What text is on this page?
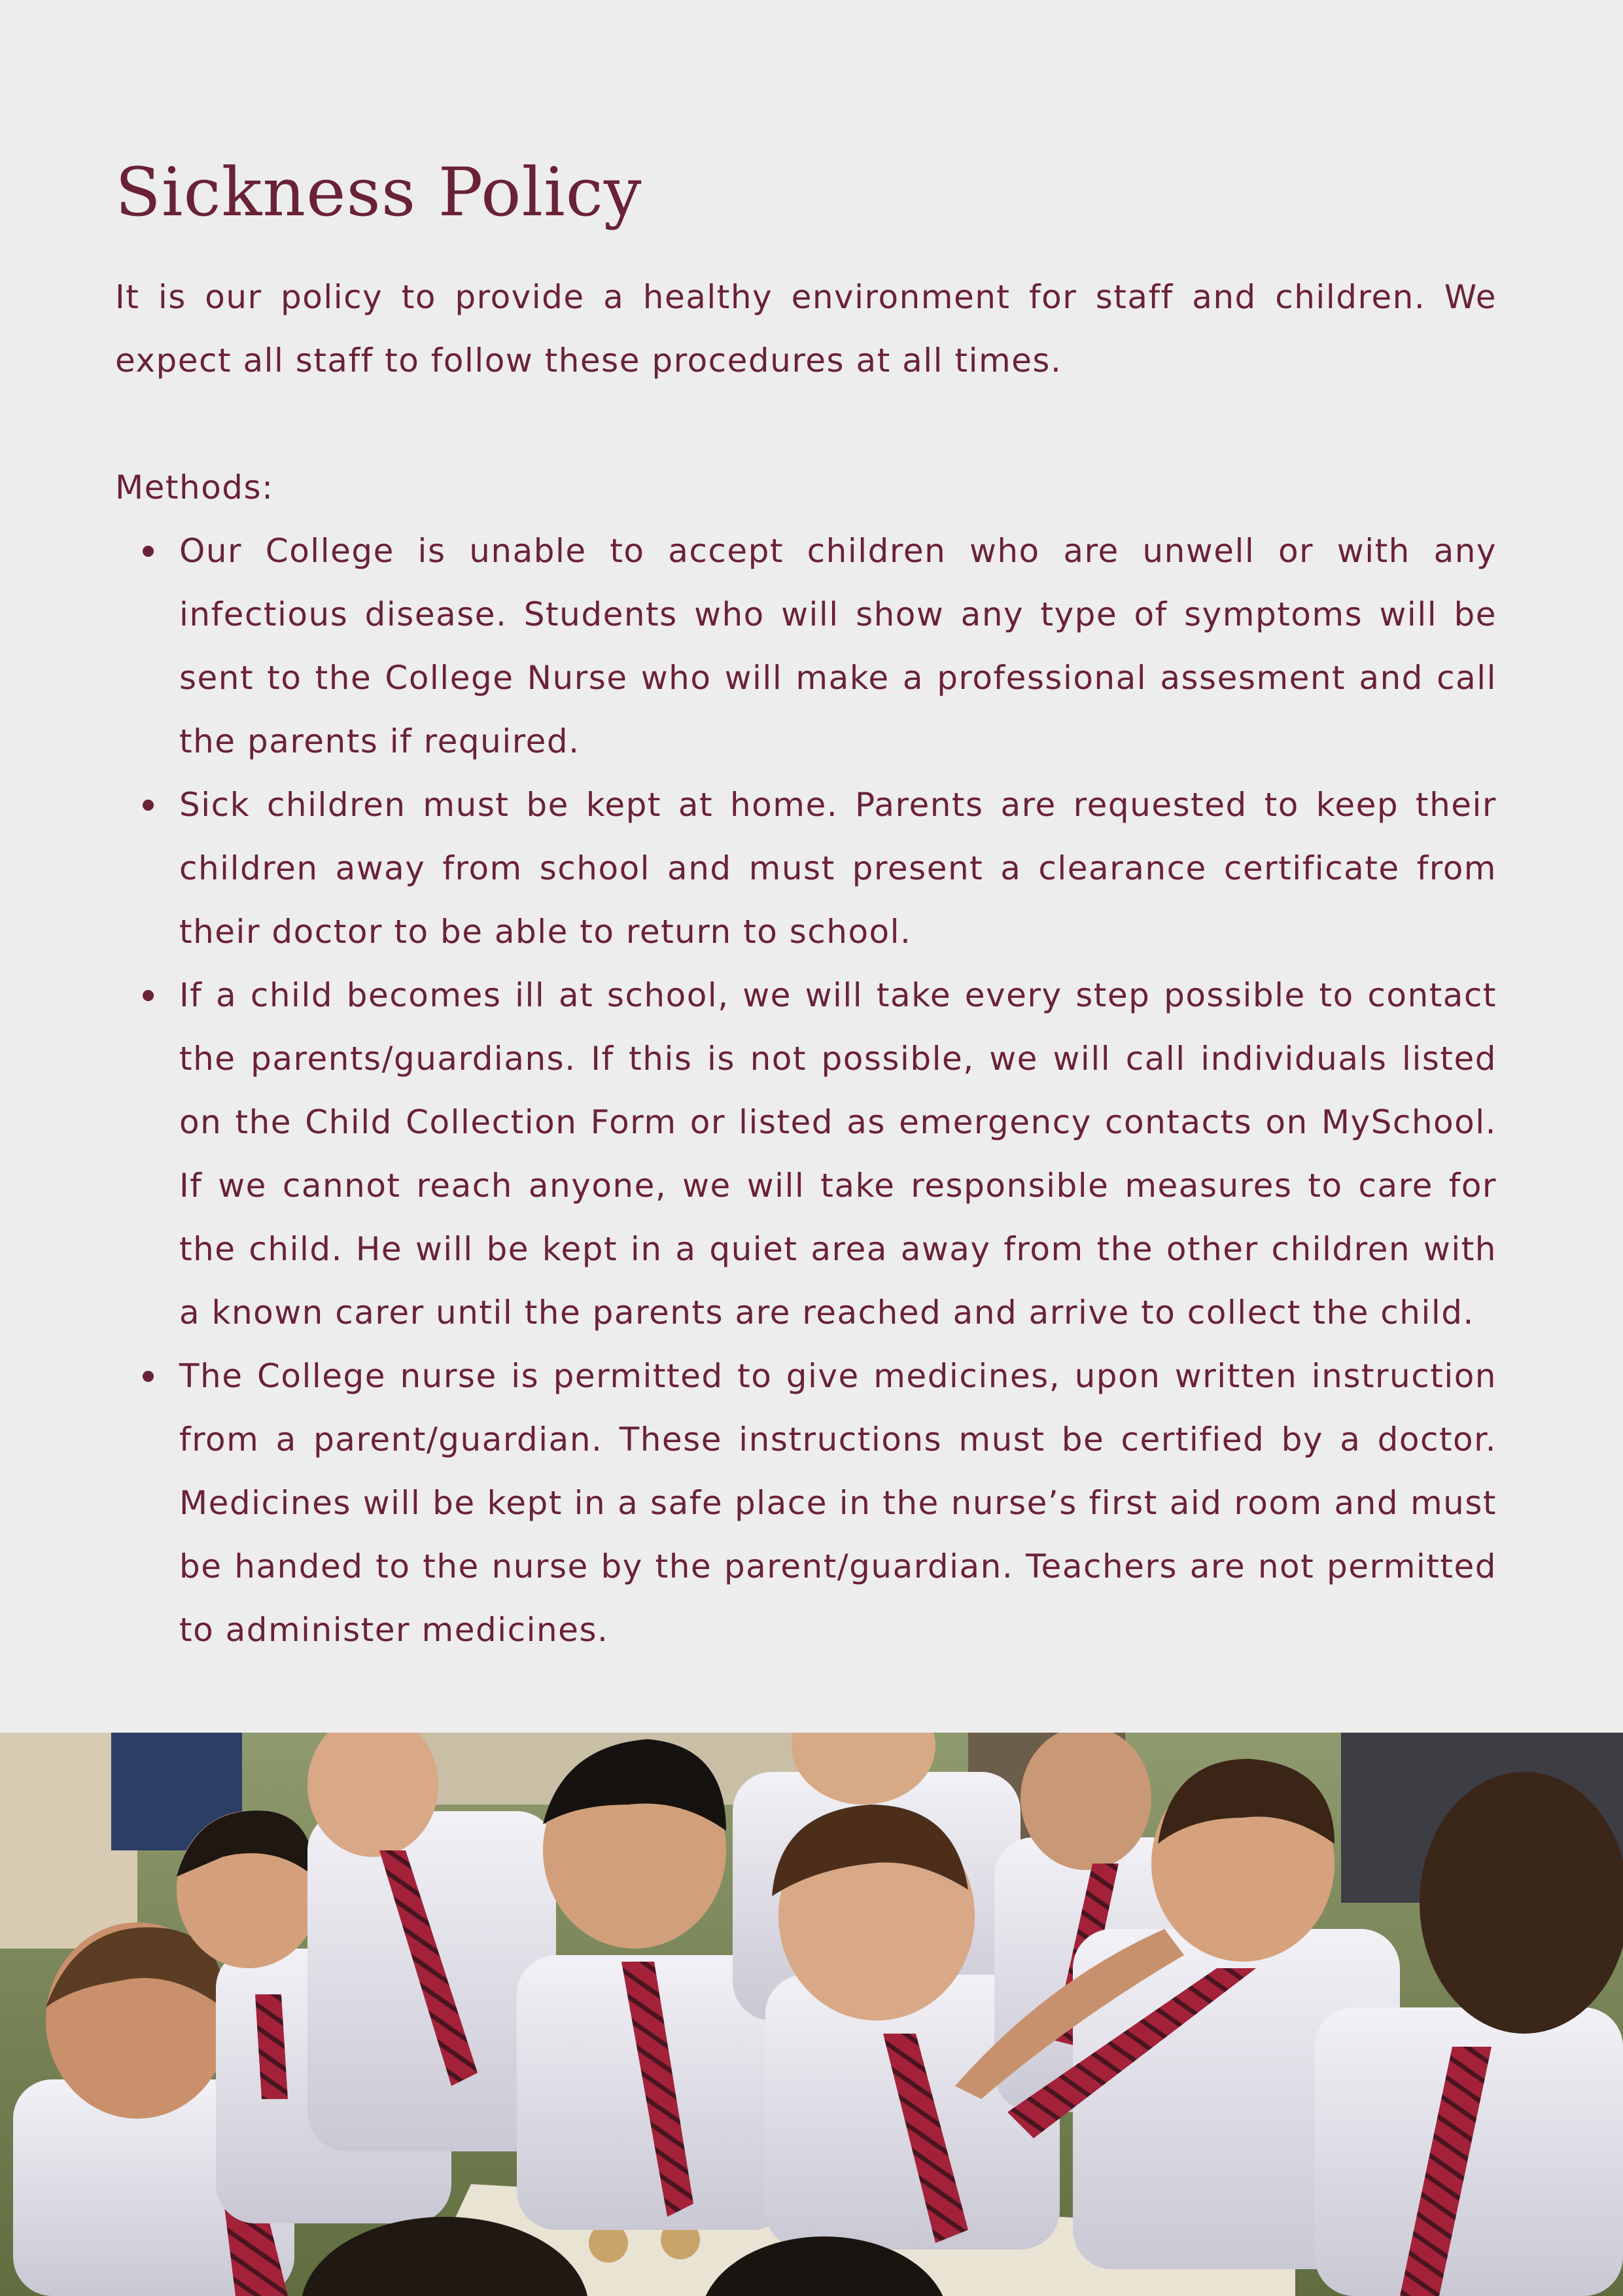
Sickness Policy

It is our policy to provide a healthy environment for staff and children. We expect all staff to follow these procedures at all times.

Methods:

Our College is unable to accept children who are unwell or with any infectious disease. Students who will show any type of symptoms will be sent to the College Nurse who will make a professional assesment and call the parents if required.
Sick children must be kept at home. Parents are requested to keep their children away from school and must present a clearance certificate from their doctor to be able to return to school.
If a child becomes ill at school, we will take every step possible to contact the parents/guardians. If this is not possible, we will call individuals listed on the Child Collection Form or listed as emergency contacts on MySchool. If we cannot reach anyone, we will take responsible measures to care for the child. He will be kept in a quiet area away from the other children with a known carer until the parents are reached and arrive to collect the child.
The College nurse is permitted to give medicines, upon written instruction from a parent/guardian. These instructions must be certified by a doctor. Medicines will be kept in a safe place in the nurse’s first aid room and must be handed to the nurse by the parent/guardian. Teachers are not permitted to administer medicines.
